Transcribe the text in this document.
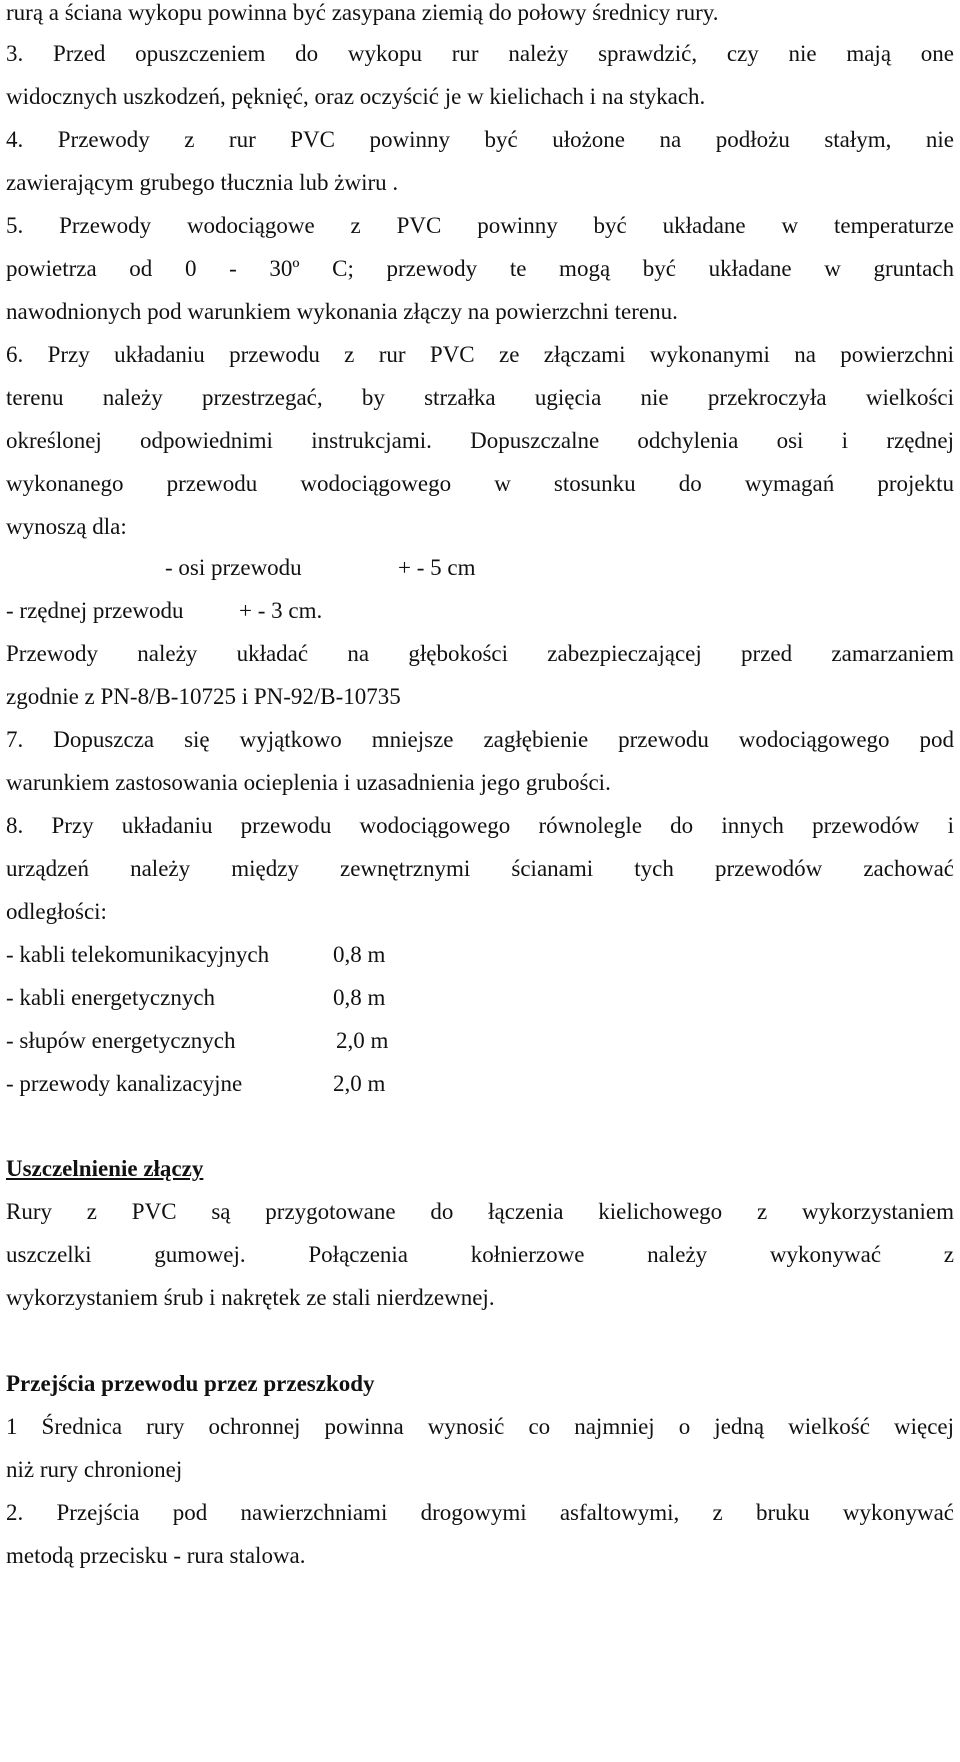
rurą a ściana wykopu powinna być zasypana ziemią do połowy średnicy rury.
3. Przed opuszczeniem do wykopu rur należy sprawdzić, czy nie mają one
widocznych uszkodzeń, pęknięć, oraz oczyścić je w kielichach i na stykach.
4. Przewody z rur PVC powinny być ułożone na podłożu stałym, nie
zawierającym grubego tłucznia lub żwiru .
5. Przewody wodociągowe z PVC powinny być układane w temperaturze
powietrza od 0 - 30º C; przewody te mogą być układane w gruntach
nawodnionych pod warunkiem wykonania złączy na powierzchni terenu.
6. Przy układaniu przewodu z rur PVC ze złączami wykonanymi na powierzchni
terenu należy przestrzegać, by strzałka ugięcia nie przekroczyła wielkości
określonej odpowiednimi instrukcjami. Dopuszczalne odchylenia osi i rzędnej
wykonanego przewodu wodociągowego w stosunku do wymagań projektu
wynoszą dla:
- osi przewodu	+ - 5 cm
- rzędnej przewodu + - 3 cm.
Przewody należy układać na głębokości zabezpieczającej przed zamarzaniem
zgodnie z PN-8/B-10725 i PN-92/B-10735
7. Dopuszcza się wyjątkowo mniejsze zagłębienie przewodu wodociągowego pod
warunkiem zastosowania ocieplenia i uzasadnienia jego grubości.
8. Przy układaniu przewodu wodociągowego równolegle do innych przewodów i
urządzeń należy między zewnętrznymi ścianami tych przewodów zachować
odległości:
- kabli telekomunikacyjnych	0,8 m
- kabli energetycznych	0,8 m
- słupów energetycznych	2,0 m
- przewody kanalizacyjne	2,0 m
Uszczelnienie złączy
Rury z PVC są przygotowane do łączenia kielichowego z wykorzystaniem
uszczelki gumowej. Połączenia kołnierzowe należy wykonywać z
wykorzystaniem śrub i nakrętek ze stali nierdzewnej.
Przejścia przewodu przez przeszkody
1 Średnica rury ochronnej powinna wynosić co najmniej o jedną wielkość więcej
niż rury chronionej
2. Przejścia pod nawierzchniami drogowymi asfaltowymi, z bruku wykonywać
metodą przecisku - rura stalowa.
